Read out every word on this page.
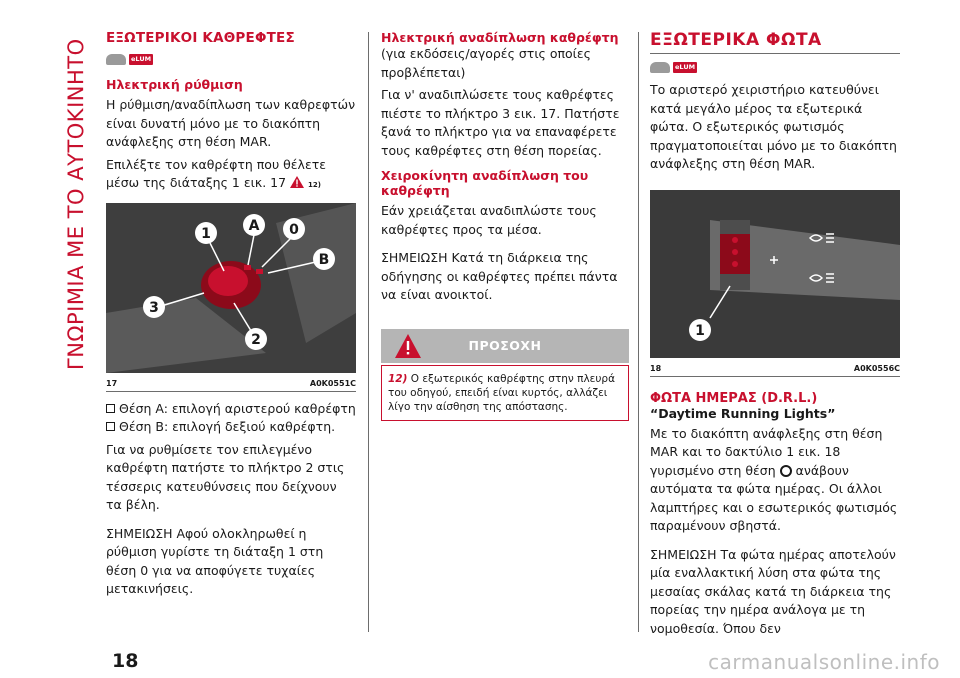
ΓΝΩΡΙΜΙΑ ΜΕ ΤΟ ΑΥΤΟΚΙΝΗΤΟ
ΕΞΩΤΕΡΙΚΟΙ ΚΑΘΡΕΦΤΕΣ
eLUM
Ηλεκτρική ρύθμιση

Η ρύθμιση/αναδίπλωση των καθρεφτών είναι δυνατή μόνο με το διακόπτη ανάφλεξης στη θέση MAR.

Επιλέξτε τον καθρέφτη που θέλετε μέσω της διάταξης 1 εικ. 17	12)

1	A 0
B
3
2
17	A0K0551C
Θέση A: επιλογή αριστερού καθρέφτη
Θέση B: επιλογή δεξιού καθρέφτη.

Για να ρυθμίσετε τον επιλεγμένο καθρέφτη πατήστε το πλήκτρο 2 στις τέσσερις κατευθύνσεις που δείχνουν τα βέλη.

ΣΗΜΕΙΩΣΗ Αφού ολοκληρωθεί η ρύθμιση γυρίστε τη διάταξη 1 στη θέση 0 για να αποφύγετε τυχαίες μετακινήσεις.

Ηλεκτρική αναδίπλωση καθρέφτη

(για εκδόσεις/αγορές στις οποίες προβλέπεται)

Για ν' αναδιπλώσετε τους καθρέφτες πιέστε το πλήκτρο 3 εικ. 17. Πατήστε ξανά το πλήκτρο για να επαναφέρετε τους καθρέφτες στη θέση πορείας.

Χειροκίνητη αναδίπλωση του καθρέφτη

Εάν χρειάζεται αναδιπλώστε τους καθρέφτες προς τα μέσα.

ΣΗΜΕΙΩΣΗ Κατά τη διάρκεια της οδήγησης οι καθρέφτες πρέπει πάντα να είναι ανοικτοί.

ΠΡΟΣΟΧΗ

12) Ο εξωτερικός καθρέφτης στην πλευρά του οδηγού, επειδή είναι κυρτός, αλλάζει λίγο την αίσθηση της απόστασης.

ΕΞΩΤΕΡΙΚΑ ΦΩΤΑ
eLUM

Το αριστερό χειριστήριο κατευθύνει κατά μεγάλο μέρος τα εξωτερικά φώτα. Ο εξωτερικός φωτισμός πραγματοποιείται μόνο με το διακόπτη ανάφλεξης στη θέση MAR.

1
18	A0K0556C
ΦΩΤΑ ΗΜΕΡΑΣ (D.R.L.)
“Daytime Running Lights”

Με το διακόπτη ανάφλεξης στη θέση MAR και το δακτύλιο 1 εικ. 18 γυρισμένο στη θέση ανάβουν αυτόματα τα φώτα ημέρας. Οι άλλοι λαμπτήρες και ο εσωτερικός φωτισμός παραμένουν σβηστά.

ΣΗΜΕΙΩΣΗ Τα φώτα ημέρας αποτελούν μία εναλλακτική λύση στα φώτα της μεσαίας σκάλας κατά τη διάρκεια της πορείας την ημέρα ανάλογα με τη νομοθεσία. Όπου δεν

18	carmanualsonline.info
